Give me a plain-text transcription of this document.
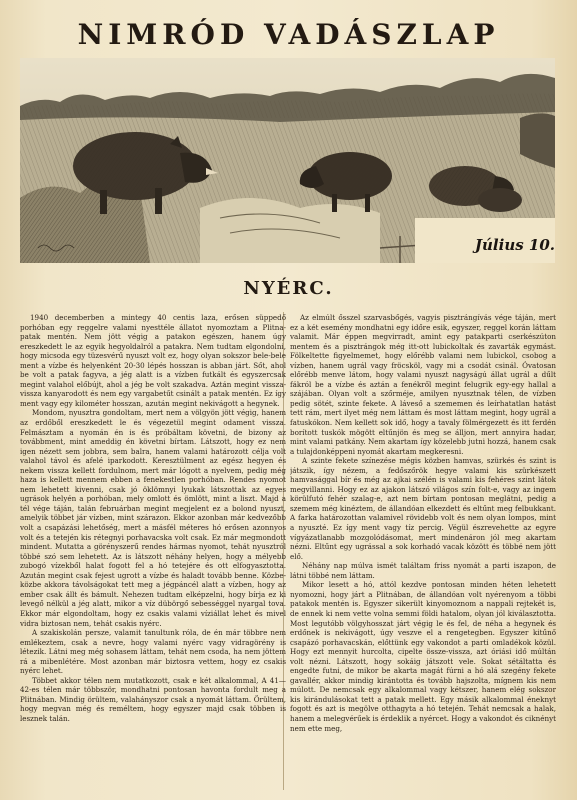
NIMRÓD VADÁSZLAP
Július 10.
NYÉRC.

1940 decemberben a mintegy 40 centis laza, erősen süppedő porhóban egy reggelre valami nyesttéle állatot nyomoztam a Plitna-patak mentén. Nem jött végig a patakon egészen, hanem úgy ereszkedett le az egyik hegyoldalról a patakra. Nem tudtam elgondolni, hogy micsoda egy tüzesvérű nyuszt volt ez, hogy olyan sokszor bele-bele ment a vízbe és helyenként 20-30 lépés hosszan is abban járt. Sőt, ahol be volt a patak fagyva, a jég alatt is a vízben futkált és egyszercsak megint valahol előbújt, ahol a jég be volt szakadva. Aztán megint vissza-vissza kanyarodott és nem egy vargabetűt csinált a patak mentén. Ez így ment vagy egy kilométer hosszan, azután megint nekivágott a hegynek.

Mondom, nyusztra gondoltam, mert nem a völgyön jött végig, hanem az erdőből ereszkedett le és végezetül megint odament vissza. Felmásztam a nyomán én is és próbáltam követni, de bizony az továbbment, mint ameddig én követni bírtam. Látszott, hogy ez nem igen nézett sem jobbra, sem balra, hanem valami határozott célja volt valahol távol és afelé iparkodott. Keresztülment az egész hegyen és nekem vissza kellett fordulnom, mert már lógott a nyelvem, pedig még haza is kellett mennem ebben a fenekestlen porhóban. Rendes nyomot nem lehetett kivenni, csak jó öklömnyi lyukak látszottak az egyes ugrások helyén a porhóban, mely omlott és ömlött, mint a liszt. Majd a tél vége táján, talán februárban megint megjelent ez a bolond nyuszt, amelyik többet jár vízben, mint szárazon. Ekkor azonban már kedvezőbb volt a csapázási lehetőség, mert a másfél méteres hó erősen azonnyos volt és a tetején kis rétegnyi porhavacska volt csak. Ez már megmondott mindent. Mutatta a görényszerű rendes hármas nyomot, tehát nyusztról többé szó sem lehetett. Az is látszott néhány helyen, hogy a mélyebb zubogó vízekből halat fogott fel a hó tetejére és ott elfogyasztotta. Azután megint csak fejest ugrott a vízbe és haladt tovább benne. Közbe-közbe akkora távolságokat tett meg a jégpáncél alatt a vízben, hogy az ember csak állt és bámult. Nehezen tudtam elképzelni, hogy bírja ez ki levegő nélkül a jég alatt, mikor a víz dübörgő sebességgel nyargal tova. Ekkor már elgondoltam, hogy ez csakis valami víziállat lehet és mivel vidra biztosan nem, tehát csakis nyérc.

A szakiskolán persze, valamit tanultunk róla, de én már többre nem emlékeztem, csak a nevre, hogy valami nyérc vagy vidragörény is létezik. Látni meg még sohasem láttam, tehát nem csoda, ha nem jöttem rá a mibenlétére. Most azonban már biztosra vettem, hogy ez csakis nyérc lehet.

Többet akkor télen nem mutatkozott, csak e két alkalommal, A 41—42-es télen már többször, mondhatni pontosan havonta fordult meg a Plitnában. Mindig örültem, valahányszor csak a nyomát láttam. Örültem, hogy megvan még és reméltem, hogy egyszer majd csak többen is lesznek talán.

Az elmúlt ősszel szarvasbőgés, vagyis pisztrángívás vége táján, mert ez a két esemény mondhatni egy időre esik, egyszer, reggel korán láttam valamit. Már éppen megvirradt, amint egy patakparti cserkészúton mentem és a pisztrángok még itt-ott lubickoltak és zavarták egymást. Fölkeltette figyelmemet, hogy előrébb valami nem lubickol, csobog a vízben, hanem ugrál vagy fröcsköl, vagy mi a csodát csinál. Óvatosan előrébb menve látom, hogy valami nyuszt nagyságú állat ugrál a dűlt fákról be a vízbe és aztán a fenékről megint felugrik egy-egy hallal a szájában. Olyan volt a szőrméje, amilyen nyusztnak télen, de vízben pedig sötét, szinte fekete. A láveső a szememen és leírhatatlan hatást tett rám, mert ilyet még nem láttam és most láttam megint, hogy ugrál a fatuskókon. Nem kellett sok idő, hogy a tavaly fölmérgezett és itt ferdén borított tuskók mögött eltűnjön és meg se álljon, mert annyira hadar, mint valami patkány. Nem akartam így közelebb jutni hozzá, hanem csak a tulajdonképpeni nyomát akartam megkeresni.

A szinte fekete színezése mégis közben hamvas, szürkés és szint is játszik, így nézem, a fedőszőrök hegye valami kis szürkészett hamvasággal bír és még az ajkai szélén is valami kis fehéres szint látok megvillanni. Hogy ez az ajakon látszó világos szín folt-e, vagy az ingem körülfutó fehér szalag-e, azt nem bírtam pontosan meglátni, pedig a szemem még kinéztem, de állandóan elkezdett és eltűnt meg felbukkant. A farka határozottan valamivel rövidebb volt és nem olyan lompos, mint a nyuszté. Ez így ment vagy tíz percig. Végül észrevehette az egyre vígyázatlanabb mozgolódásomat, mert mindenáron jól meg akartam nézni. Eltűnt egy ugrással a sok korhadó vacak között és többé nem jött elő.

Néhány nap múlva ismét találtam friss nyomát a parti iszapon, de látni többé nem láttam.

Mikor lesett a hó, attól kezdve pontosan minden héten lehetett nyomozni, hogy járt a Plitnában, de állandóan volt nyérenyom a többi patakok mentén is. Egyszer sikerült kinyomoznom a nappali rejtekét is, de ennek ki nem vette volna semmi földi hatalom, olyan jól kiválasztotta. Most legutóbb völgyhosszat járt végig le és fel, de néha a hegynek és erdőnek is nekivágott, úgy veszve el a rengetegben. Egyszer kitűnő csapázó porhavacskán, előttünk egy vakondot a parti omladékok közül. Hogy ezt mennyit hurcolta, cipelte össze-vissza, azt óriási idő múltán volt nézni. Látszott, hogy sokáig játszott vele. Sokat sétáltatta és engedte futni, de mikor be akarta magát fúrni a hó alá szegény fekete gavallér, akkor mindig kirántotta és tovább hajszolta, mígnem kis nem múlott. De nemcsak egy alkalommal vagy kétszer, hanem elég sokszor kis kirándulásokat tett a patak mellett. Egy másik alkalommal éneknyt fogott és azt is megölve otthagyta a hó tetején. Tehát nemcsak a halak, hanem a melegvérűek is érdeklik a nyércet. Hogy a vakondot és ciknényt nem ette meg,
